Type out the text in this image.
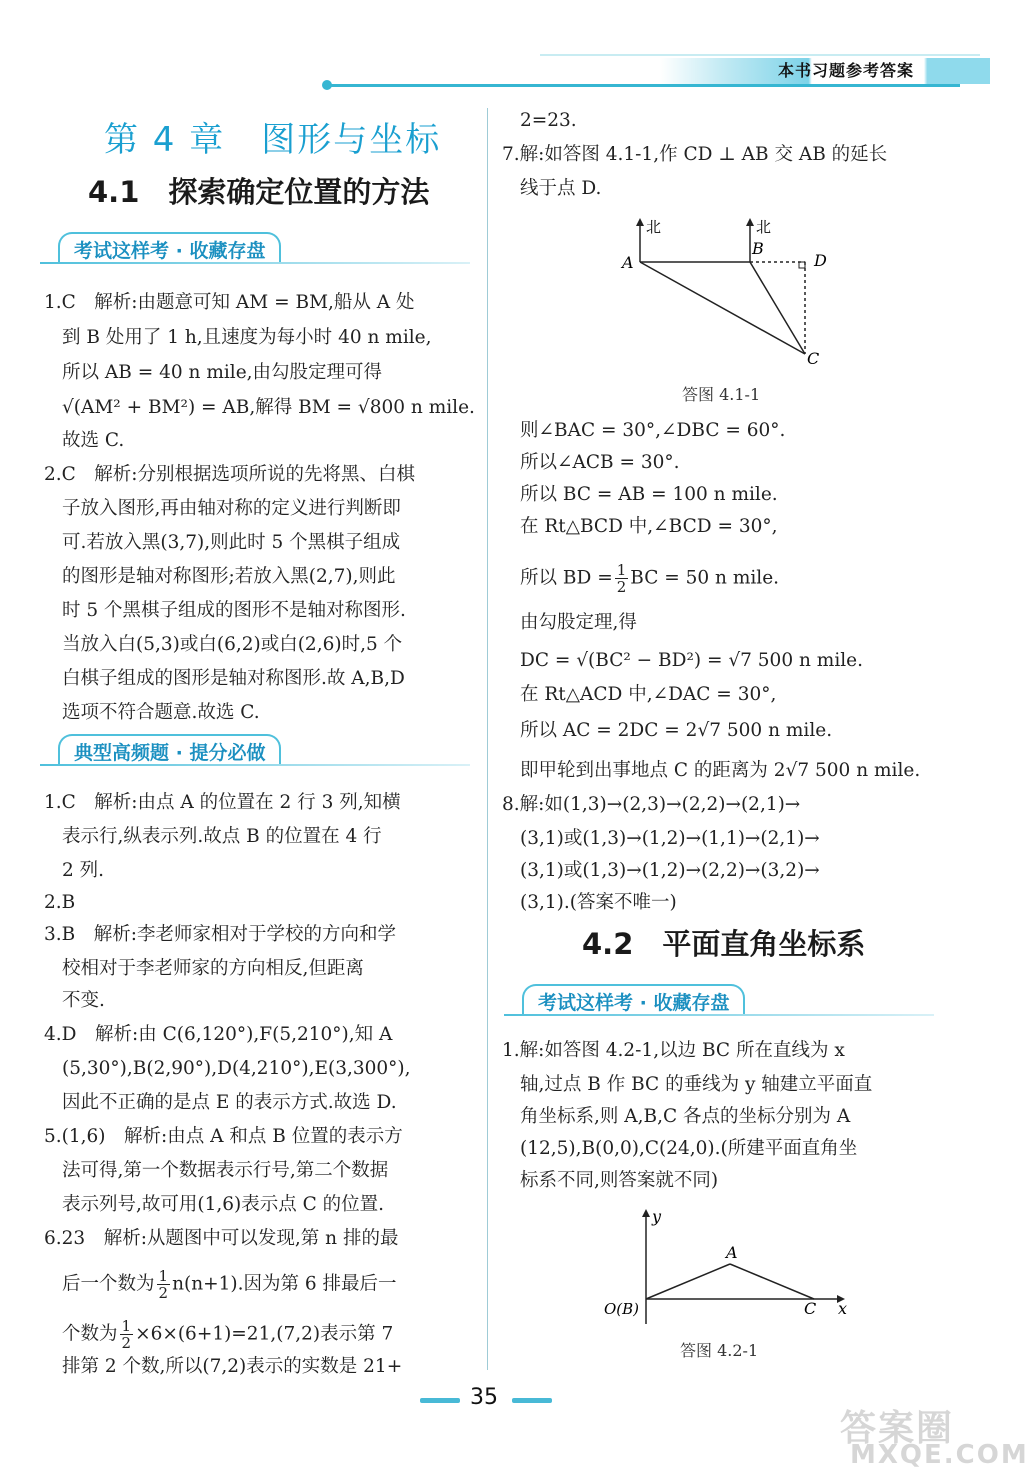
本书习题参考答案
第 4 章　图形与坐标
4.1　探索确定位置的方法
考试这样考 · 收藏存盘
1.C　解析:由题意可知 AM = BM,船从 A 处
到 B 处用了 1 h,且速度为每小时 40 n mile,
所以 AB = 40 n mile,由勾股定理可得
√(AM² + BM²) = AB,解得 BM = √800 n mile.
故选 C.
2.C　解析:分别根据选项所说的先将黑、白棋
子放入图形,再由轴对称的定义进行判断即
可.若放入黑(3,7),则此时 5 个黑棋子组成
的图形是轴对称图形;若放入黑(2,7),则此
时 5 个黑棋子组成的图形不是轴对称图形.
当放入白(5,3)或白(6,2)或白(2,6)时,5 个
白棋子组成的图形是轴对称图形.故 A,B,D
选项不符合题意.故选 C.
典型高频题 · 提分必做
1.C　解析:由点 A 的位置在 2 行 3 列,知横
表示行,纵表示列.故点 B 的位置在 4 行
2 列.
2.B
3.B　解析:李老师家相对于学校的方向和学
校相对于李老师家的方向相反,但距离
不变.
4.D　解析:由 C(6,120°),F(5,210°),知 A
(5,30°),B(2,90°),D(4,210°),E(3,300°),
因此不正确的是点 E 的表示方式.故选 D.
5.(1,6)　解析:由点 A 和点 B 位置的表示方
法可得,第一个数据表示行号,第二个数据
表示列号,故可用(1,6)表示点 C 的位置.
6.23　解析:从题图中可以发现,第 n 排的最
后一个数为 $\frac{1}{2} n(n+1)$.因为第 6 排最后一
个数为 $\frac{1}{2} \times 6\times(6+1)=21,(7,2)$表示第 7
排第 2 个数,所以(7,2)表示的实数是 21+
2=23.
7.解:如答图 4.1-1,作 CD ⊥ AB 交 AB 的延长
线于点 D.
北	北
A
B
D
C
答图 4.1-1
则∠BAC = 30°,∠DBC = 60°.
所以∠ACB = 30°.
所以 BC = AB = 100 n mile.
在 Rt△BCD 中,∠BCD = 30°,
所以 BD = $\frac{1}{2}$ BC = 50 n mile.
由勾股定理,得
DC = √(BC² − BD²) = √7 500 n mile.
在 Rt△ACD 中,∠DAC = 30°,
所以 AC = 2DC = 2√7 500 n mile.
即甲轮到出事地点 C 的距离为 2√7 500 n mile.
8.解:如(1,3)→(2,3)→(2,2)→(2,1)→
(3,1)或(1,3)→(1,2)→(1,1)→(2,1)→
(3,1)或(1,3)→(1,2)→(2,2)→(3,2)→
(3,1).(答案不唯一)
4.2　平面直角坐标系
考试这样考 · 收藏存盘
1.解:如答图 4.2-1,以边 BC 所在直线为 x
轴,过点 B 作 BC 的垂线为 y 轴建立平面直
角坐标系,则 A,B,C 各点的坐标分别为 A
(12,5),B(0,0),C(24,0).(所建平面直角坐
标系不同,则答案就不同)
y
x
A
O(B)	C
答图 4.2-1
35
答案圈
MXQE.COM
